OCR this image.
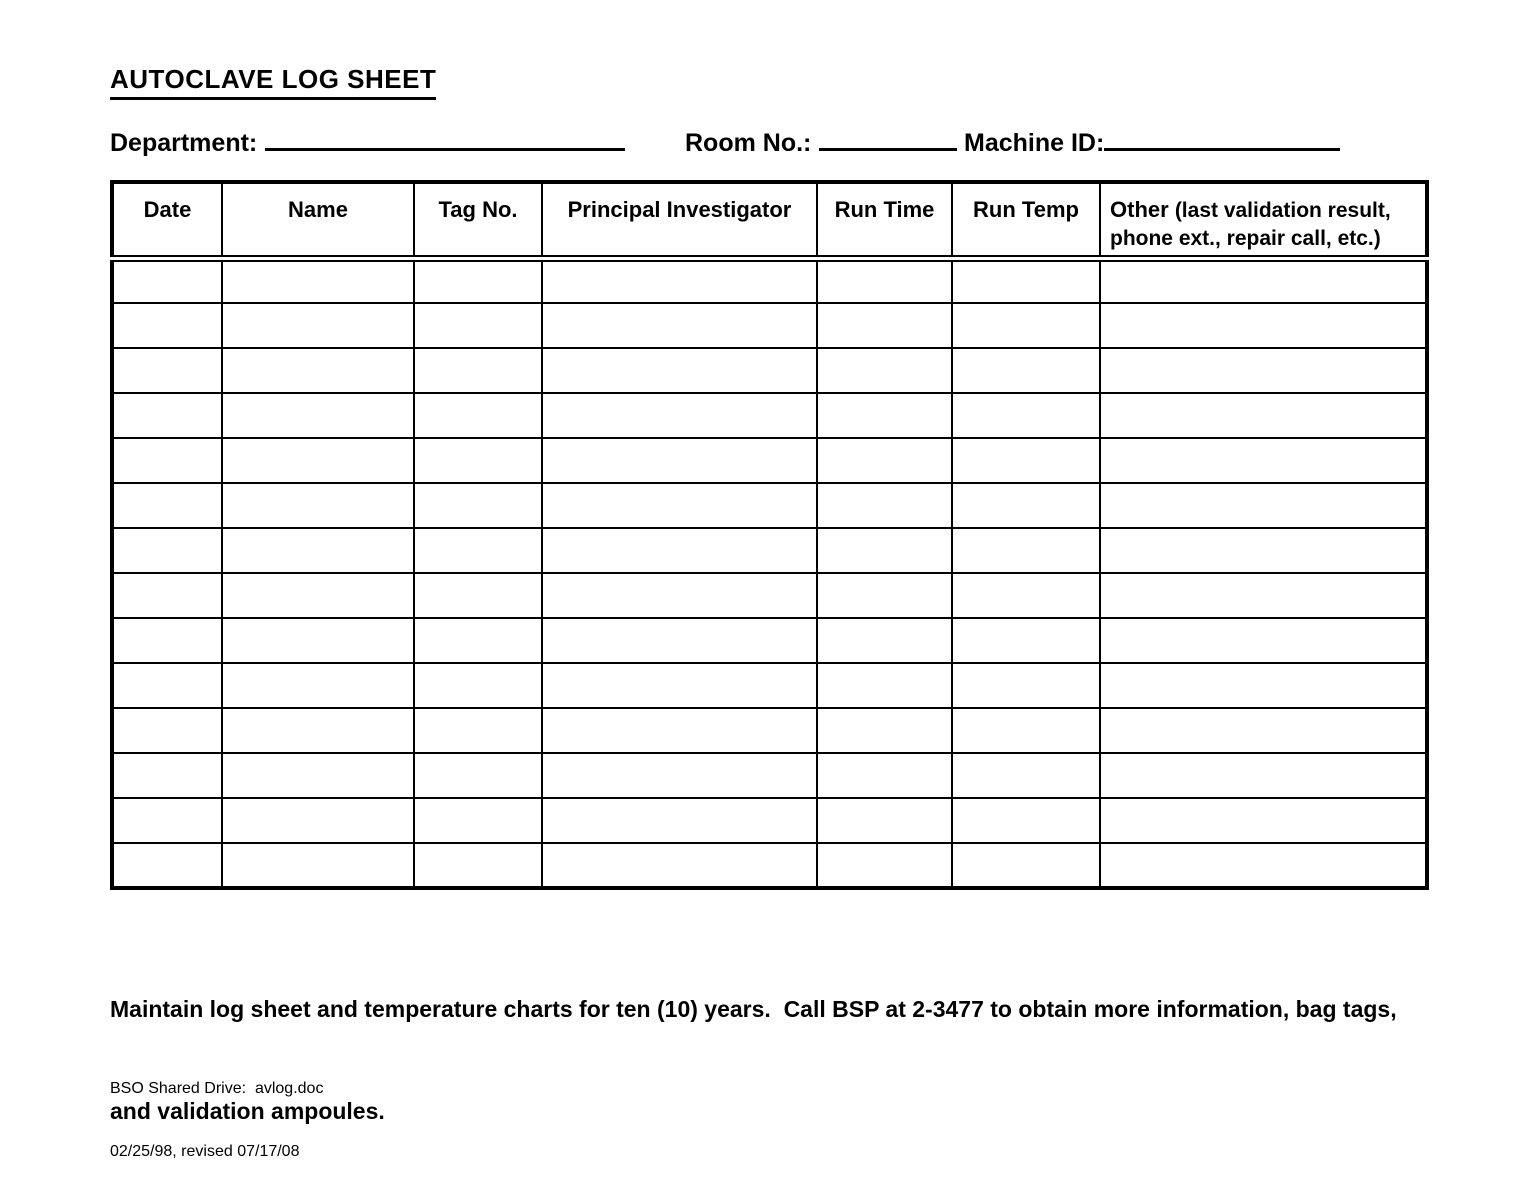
AUTOCLAVE LOG SHEET
Department:	Room No.:	Machine ID:
Date	Name	Tag No.	Principal Investigator	Run Time	Run Temp	Other (last validation result, phone ext., repair call, etc.)

Maintain log sheet and temperature charts for ten (10) years.  Call BSP at 2-3477 to obtain more information, bag tags,

and validation ampoules.

BSO Shared Drive:  avlog.doc

02/25/98, revised 07/17/08
